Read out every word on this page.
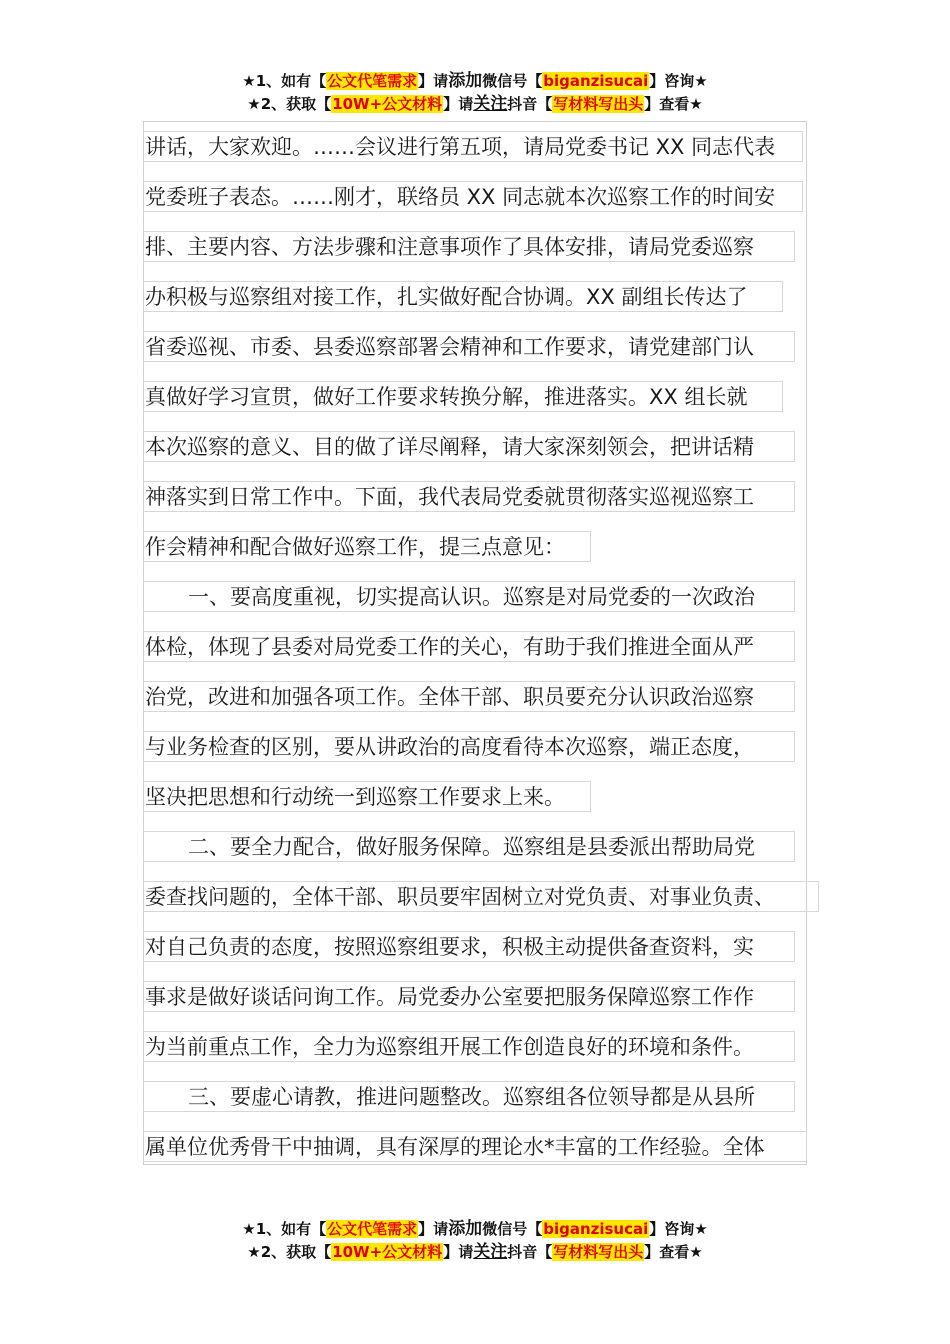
★1、如有【公文代笔需求】请添加微信号【biganzisucai】咨询★
★2、获取【10W+公文材料】请关注抖音【写材料写出头】查看★
讲话，大家欢迎。……会议进行第五项，请局党委书记 XX 同志代表
党委班子表态。……刚才，联络员 XX 同志就本次巡察工作的时间安
排、主要内容、方法步骤和注意事项作了具体安排，请局党委巡察
办积极与巡察组对接工作，扎实做好配合协调。XX 副组长传达了
省委巡视、市委、县委巡察部署会精神和工作要求，请党建部门认
真做好学习宣贯，做好工作要求转换分解，推进落实。XX 组长就
本次巡察的意义、目的做了详尽阐释，请大家深刻领会，把讲话精
神落实到日常工作中。下面，我代表局党委就贯彻落实巡视巡察工
作会精神和配合做好巡察工作，提三点意见：
一、要高度重视，切实提高认识。巡察是对局党委的一次政治
体检，体现了县委对局党委工作的关心，有助于我们推进全面从严
治党，改进和加强各项工作。全体干部、职员要充分认识政治巡察
与业务检查的区别，要从讲政治的高度看待本次巡察，端正态度，
坚决把思想和行动统一到巡察工作要求上来。
二、要全力配合，做好服务保障。巡察组是县委派出帮助局党
委查找问题的，全体干部、职员要牢固树立对党负责、对事业负责、
对自己负责的态度，按照巡察组要求，积极主动提供备查资料，实
事求是做好谈话问询工作。局党委办公室要把服务保障巡察工作作
为当前重点工作，全力为巡察组开展工作创造良好的环境和条件。
三、要虚心请教，推进问题整改。巡察组各位领导都是从县所
属单位优秀骨干中抽调，具有深厚的理论水*丰富的工作经验。全体
★1、如有【公文代笔需求】请添加微信号【biganzisucai】咨询★
★2、获取【10W+公文材料】请关注抖音【写材料写出头】查看★
